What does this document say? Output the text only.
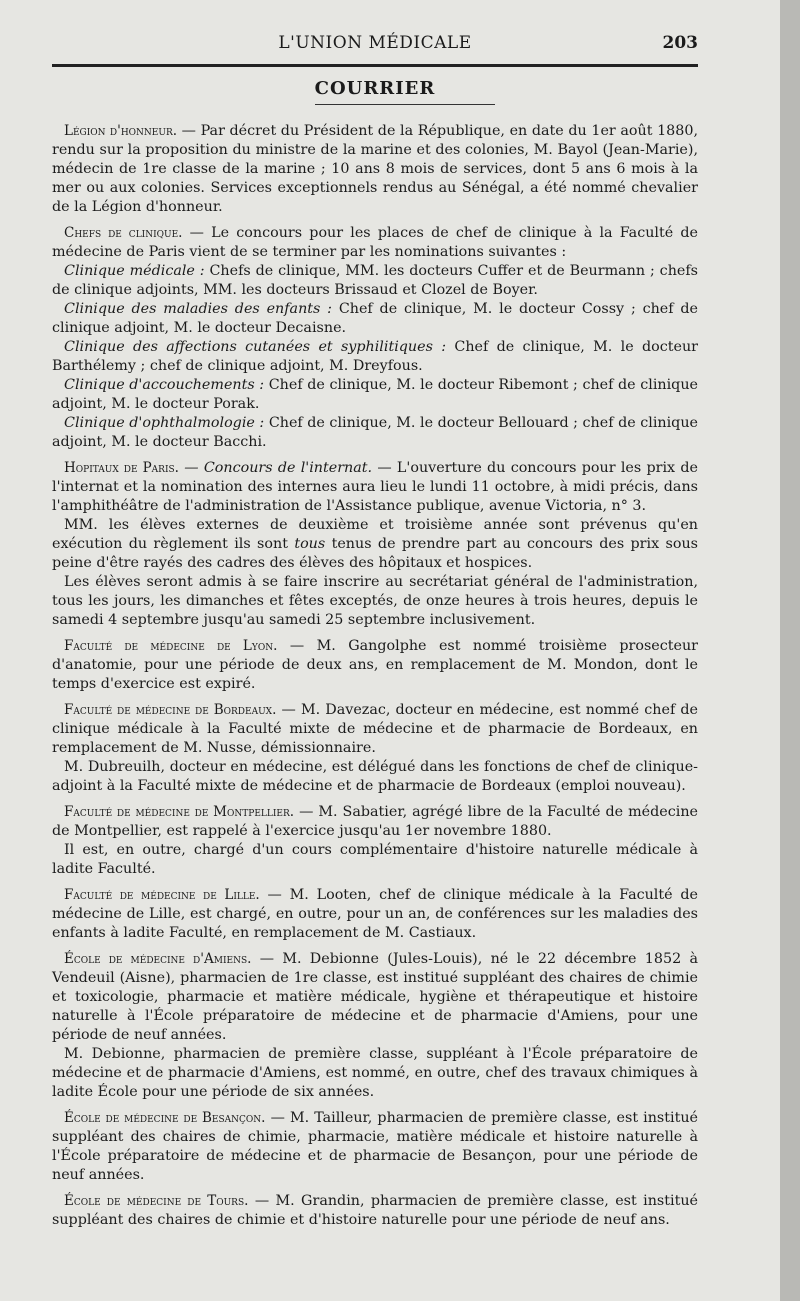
L'UNION MÉDICALE	203
COURRIER

Légion d'honneur. — Par décret du Président de la République, en date du 1er août 1880, rendu sur la proposition du ministre de la marine et des colonies, M. Bayol (Jean-Marie), médecin de 1re classe de la marine ; 10 ans 8 mois de services, dont 5 ans 6 mois à la mer ou aux colonies. Services exceptionnels rendus au Sénégal, a été nommé chevalier de la Légion d'honneur.

Chefs de clinique. — Le concours pour les places de chef de clinique à la Faculté de médecine de Paris vient de se terminer par les nominations suivantes :

Clinique médicale : Chefs de clinique, MM. les docteurs Cuffer et de Beurmann ; chefs de clinique adjoints, MM. les docteurs Brissaud et Clozel de Boyer.

Clinique des maladies des enfants : Chef de clinique, M. le docteur Cossy ; chef de clinique adjoint, M. le docteur Decaisne.

Clinique des affections cutanées et syphilitiques : Chef de clinique, M. le docteur Barthélemy ; chef de clinique adjoint, M. Dreyfous.

Clinique d'accouchements : Chef de clinique, M. le docteur Ribemont ; chef de clinique adjoint, M. le docteur Porak.

Clinique d'ophthalmologie : Chef de clinique, M. le docteur Bellouard ; chef de clinique adjoint, M. le docteur Bacchi.

Hopitaux de Paris. — Concours de l'internat. — L'ouverture du concours pour les prix de l'internat et la nomination des internes aura lieu le lundi 11 octobre, à midi précis, dans l'amphithéâtre de l'administration de l'Assistance publique, avenue Victoria, n° 3.

MM. les élèves externes de deuxième et troisième année sont prévenus qu'en exécution du règlement ils sont tous tenus de prendre part au concours des prix sous peine d'être rayés des cadres des élèves des hôpitaux et hospices.

Les élèves seront admis à se faire inscrire au secrétariat général de l'administration, tous les jours, les dimanches et fêtes exceptés, de onze heures à trois heures, depuis le samedi 4 septembre jusqu'au samedi 25 septembre inclusivement.

Faculté de médecine de Lyon. — M. Gangolphe est nommé troisième prosecteur d'anatomie, pour une période de deux ans, en remplacement de M. Mondon, dont le temps d'exercice est expiré.

Faculté de médecine de Bordeaux. — M. Davezac, docteur en médecine, est nommé chef de clinique médicale à la Faculté mixte de médecine et de pharmacie de Bordeaux, en remplacement de M. Nusse, démissionnaire.

M. Dubreuilh, docteur en médecine, est délégué dans les fonctions de chef de clinique-adjoint à la Faculté mixte de médecine et de pharmacie de Bordeaux (emploi nouveau).

Faculté de médecine de Montpellier. — M. Sabatier, agrégé libre de la Faculté de médecine de Montpellier, est rappelé à l'exercice jusqu'au 1er novembre 1880.

Il est, en outre, chargé d'un cours complémentaire d'histoire naturelle médicale à ladite Faculté.

Faculté de médecine de Lille. — M. Looten, chef de clinique médicale à la Faculté de médecine de Lille, est chargé, en outre, pour un an, de conférences sur les maladies des enfants à ladite Faculté, en remplacement de M. Castiaux.

École de médecine d'Amiens. — M. Debionne (Jules-Louis), né le 22 décembre 1852 à Vendeuil (Aisne), pharmacien de 1re classe, est institué suppléant des chaires de chimie et toxicologie, pharmacie et matière médicale, hygiène et thérapeutique et histoire naturelle à l'École préparatoire de médecine et de pharmacie d'Amiens, pour une période de neuf années.

M. Debionne, pharmacien de première classe, suppléant à l'École préparatoire de médecine et de pharmacie d'Amiens, est nommé, en outre, chef des travaux chimiques à ladite École pour une période de six années.

École de médecine de Besançon. — M. Tailleur, pharmacien de première classe, est institué suppléant des chaires de chimie, pharmacie, matière médicale et histoire naturelle à l'École préparatoire de médecine et de pharmacie de Besançon, pour une période de neuf années.

École de médecine de Tours. — M. Grandin, pharmacien de première classe, est institué suppléant des chaires de chimie et d'histoire naturelle pour une période de neuf ans.
